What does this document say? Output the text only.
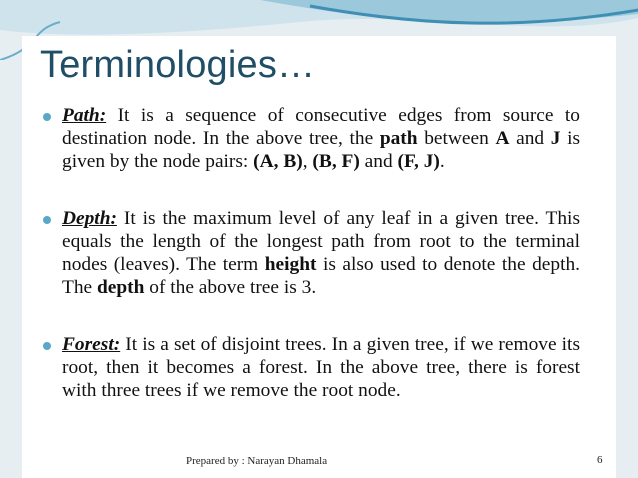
Terminologies…
Path: It is a sequence of consecutive edges from source to destination node. In the above tree, the path between A and J is given by the node pairs: (A, B), (B, F) and (F, J).
Depth: It is the maximum level of any leaf in a given tree. This equals the length of the longest path from root to the terminal nodes (leaves). The term height is also used to denote the depth. The depth of the above tree is 3.
Forest: It is a set of disjoint trees. In a given tree, if we remove its root, then it becomes a forest. In the above tree, there is forest with three trees if we remove the root node.
Prepared by : Narayan Dhamala	6
